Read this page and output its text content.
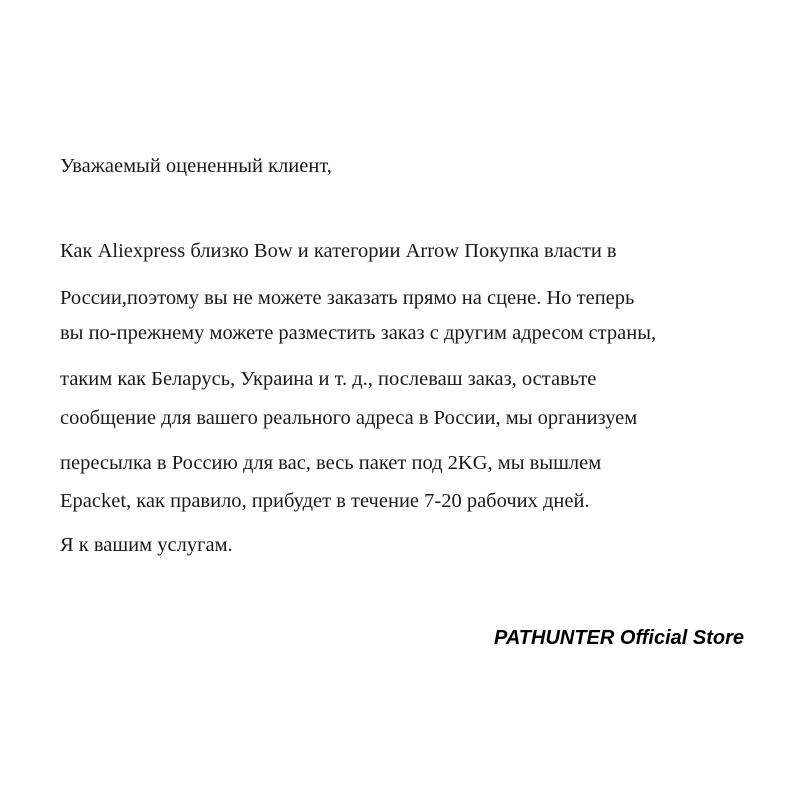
Уважаемый оцененный клиент,

Как Aliexpress близко Bow и категории Arrow Покупка власти в

России,поэтому вы не можете заказать прямо на сцене. Но теперь

вы по-прежнему можете разместить заказ с другим адресом страны,

таким как Беларусь, Украина и т. д., послеваш заказ, оставьте

сообщение для вашего реального адреса в России, мы организуем

пересылка в Россию для вас, весь пакет под 2KG, мы вышлем

Epacket, как правило, прибудет в течение 7-20 рабочих дней.

Я к вашим услугам.

PATHUNTER Official Store
